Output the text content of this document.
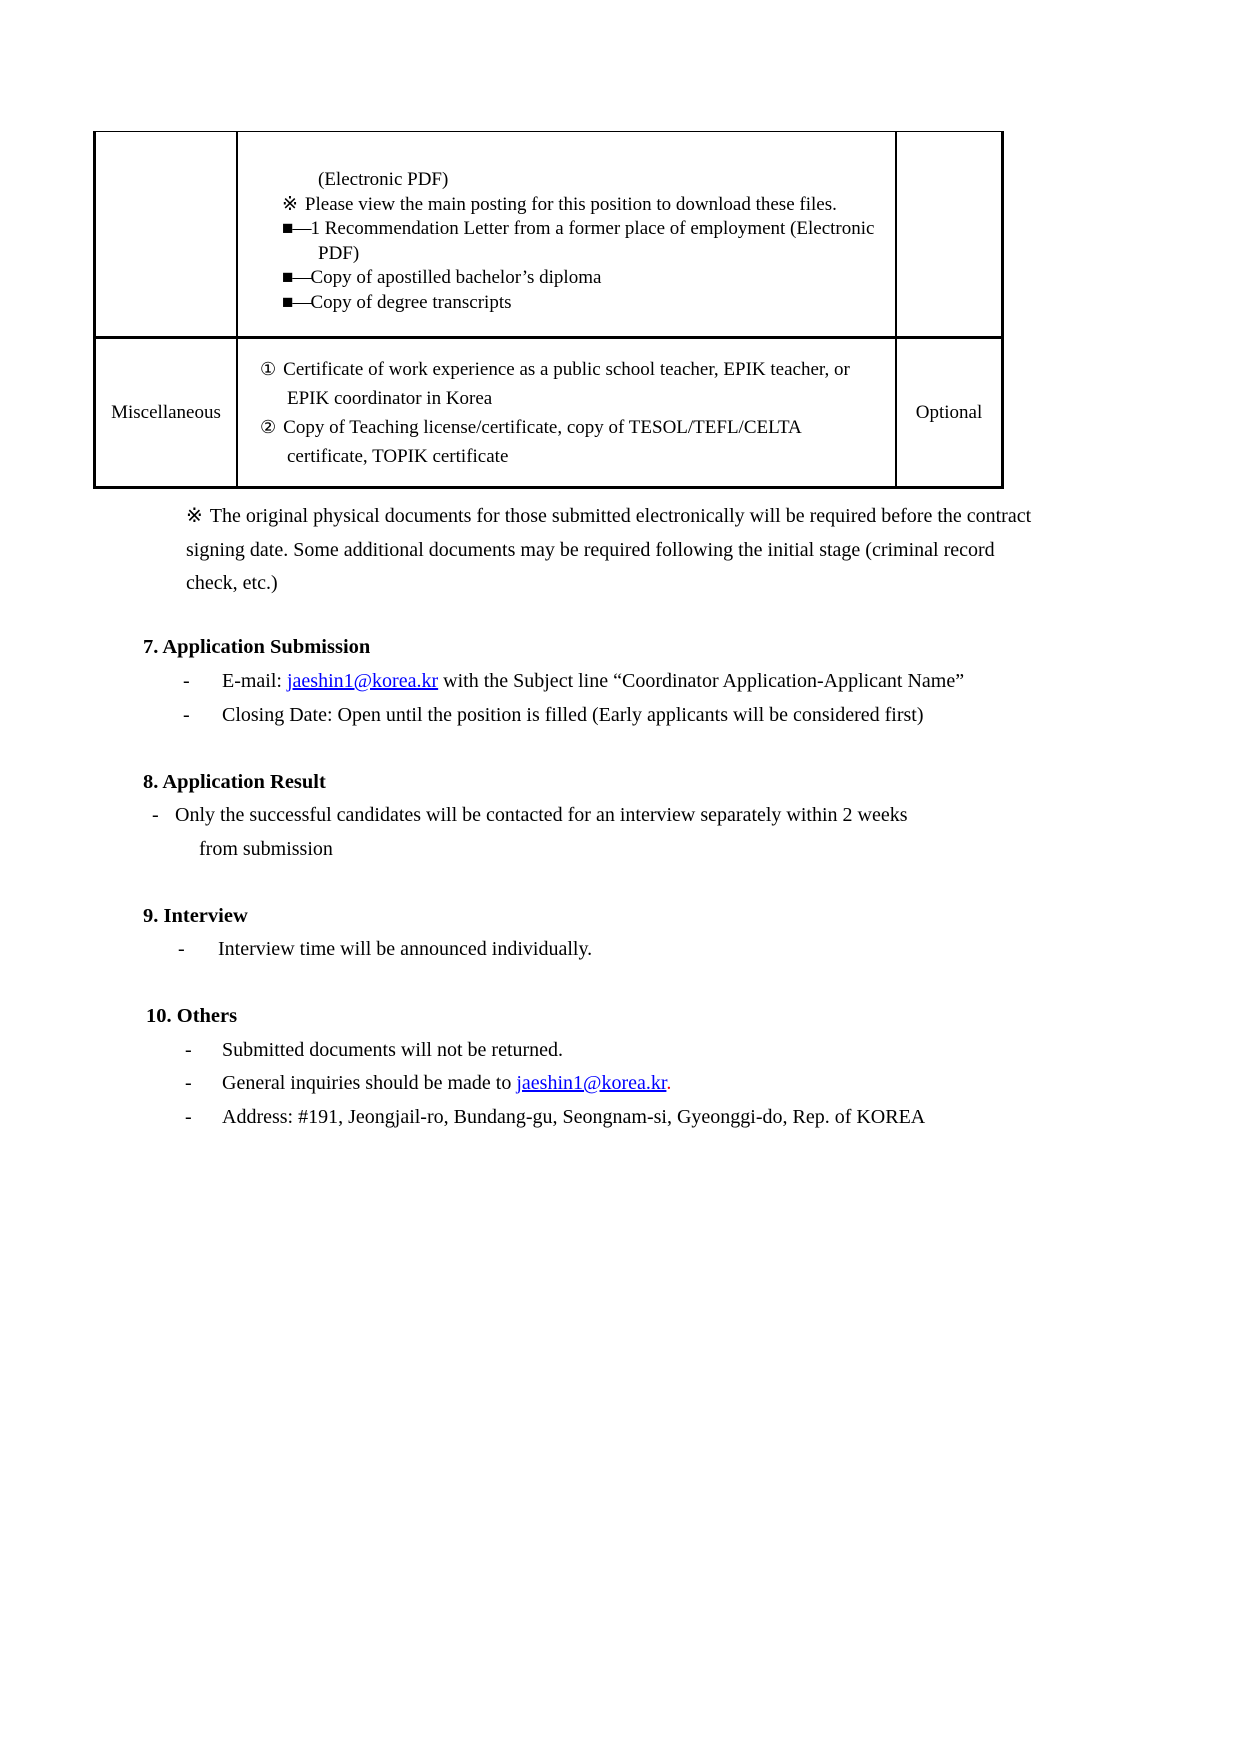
(Electronic PDF)
※ Please view the main posting for this position to download these files.
■—1 Recommendation Letter from a former place of employment (Electronic PDF)
■—Copy of apostilled bachelor’s diploma
■—Copy of degree transcripts
Miscellaneous
① Certificate of work experience as a public school teacher, EPIK teacher, or EPIK coordinator in Korea
② Copy of Teaching license/certificate, copy of TESOL/TEFL/CELTA certificate, TOPIK certificate
Optional
※ The original physical documents for those submitted electronically will be required before the contract signing date. Some additional documents may be required following the initial stage (criminal record check, etc.)
7. Application Submission
- E-mail: jaeshin1@korea.kr with the Subject line “Coordinator Application-Applicant Name”
- Closing Date: Open until the position is filled (Early applicants will be considered first)
8. Application Result
- Only the successful candidates will be contacted for an interview separately within 2 weeks
from submission
9. Interview
- Interview time will be announced individually.
10. Others
- Submitted documents will not be returned.
- General inquiries should be made to jaeshin1@korea.kr.
- Address: #191, Jeongjail-ro, Bundang-gu, Seongnam-si, Gyeonggi-do, Rep. of KOREA
